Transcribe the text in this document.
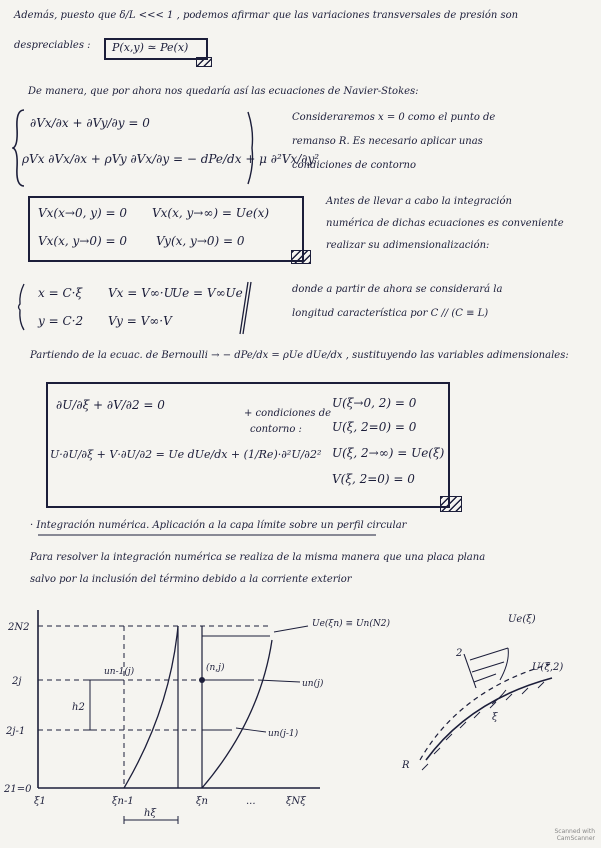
Además, puesto que δ/L <<< 1 , podemos afirmar que las variaciones transversales de presión son
despreciables : P(x,y) ≃ Pe(x)
De manera, que por ahora nos quedaría así las ecuaciones de Navier-Stokes:
∂Vx/∂x + ∂Vy/∂y = 0
ρVx ∂Vx/∂x + ρVy ∂Vx/∂y = − dPe/dx + μ ∂²Vx/∂y²
Consideraremos x = 0 como el punto de
remanso R. Es necesario aplicar unas
condiciones de contorno
Vx(x→0, y) = 0 Vx(x, y→∞) = Ue(x)
Vx(x, y→0) = 0 Vy(x, y→0) = 0
Antes de llevar a cabo la integración
numérica de dichas ecuaciones es conveniente
realizar su adimensionalización:
x = C·ξ Vx = V∞·U
Ue = V∞Ue
y = C·2 Vy = V∞·V
donde a partir de ahora se considerará la
longitud característica por C // (C ≡ L)
Partiendo de la ecuac. de Bernoulli → − dPe/dx = ρUe dUe/dx , sustituyendo las variables adimensionales:
∂U/∂ξ + ∂V/∂2 = 0
U·∂U/∂ξ + V·∂U/∂2 = Ue dUe/dx + (1/Re)·∂²U/∂2²
+ condiciones de
contorno :
U(ξ→0, 2) = 0
U(ξ, 2=0) = 0
U(ξ, 2→∞) = Ue(ξ)
V(ξ, 2=0) = 0
· Integración numérica. Aplicación a la capa límite sobre un perfil circular
Para resolver la integración numérica se realiza de la misma manera que una placa plana
salvo por la inclusión del término debido a la corriente exterior
2N2
2j
2j-1
21=0
ξ1	ξn-1	ξn	...	ξNξ
h2
hξ
(n,j)
un-1(j)
Ue(ξn) ≡ Un(N2)
un(j)
un(j-1)
Ue(ξ)
U(ξ,2)
2
ξ
R
Scanned with
CamScanner
